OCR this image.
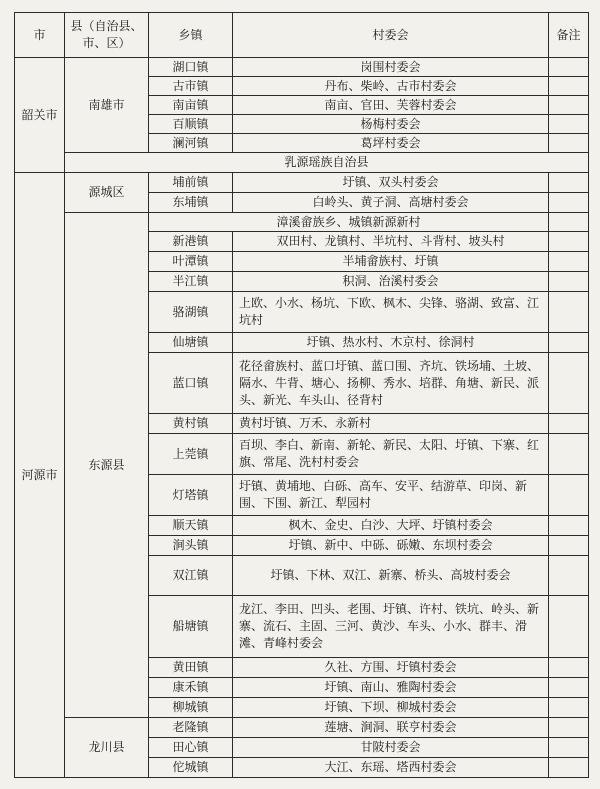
市	县（自治县、市、区）	乡镇	村委会	备注
韶关市	南雄市	湖口镇	岗围村委会	
		古市镇	丹布、柴岭、古市村委会	
		南亩镇	南亩、官田、芙蓉村委会	
		百顺镇	杨梅村委会	
		澜河镇	葛坪村委会	
	乳源瑶族自治县			
河源市	源城区	埔前镇	圩镇、双头村委会	
		东埔镇	白岭头、黄子洞、高塘村委会	
	东源县	漳溪畲族乡、城镇新源新村		
		新港镇	双田村、龙镇村、半坑村、斗背村、坡头村	
		叶潭镇	半埔畲族村、圩镇	
		半江镇	积洞、治溪村委会	
		骆湖镇	上欧、小水、杨坑、下欧、枫木、尖锋、骆湖、致富、江坑村	
		仙塘镇	圩镇、热水村、木京村、徐洞村	
		蓝口镇	花径畲族村、蓝口圩镇、蓝口围、齐坑、铁场埔、土坡、隔水、牛背、塘心、扬柳、秀水、培群、角塘、新民、派头、新光、车头山、径背村	
		黄村镇	黄村圩镇、万禾、永新村	
		上莞镇	百坝、李白、新南、新轮、新民、太阳、圩镇、下寨、红旗、常尾、洗村村委会	
		灯塔镇	圩镇、黄埔地、白砾、高车、安平、结游草、印岗、新围、下围、新江、犁园村	
		顺天镇	枫木、金史、白沙、大坪、圩镇村委会	
		涧头镇	圩镇、新中、中砾、砾嫩、东坝村委会	
		双江镇	圩镇、下林、双江、新寨、桥头、高坡村委会	
		船塘镇	龙江、李田、凹头、老围、圩镇、许村、铁坑、岭头、新寨、流石、主固、三河、黄沙、车头、小水、群丰、滑滩、青峰村委会	
		黄田镇	久社、方围、圩镇村委会	
		康禾镇	圩镇、南山、雅陶村委会	
		柳城镇	圩镇、下坝、柳城村委会	
	龙川县	老隆镇	莲塘、涧洞、联亨村委会	
		田心镇	甘陂村委会	
		佗城镇	大江、东瑶、塔西村委会	
